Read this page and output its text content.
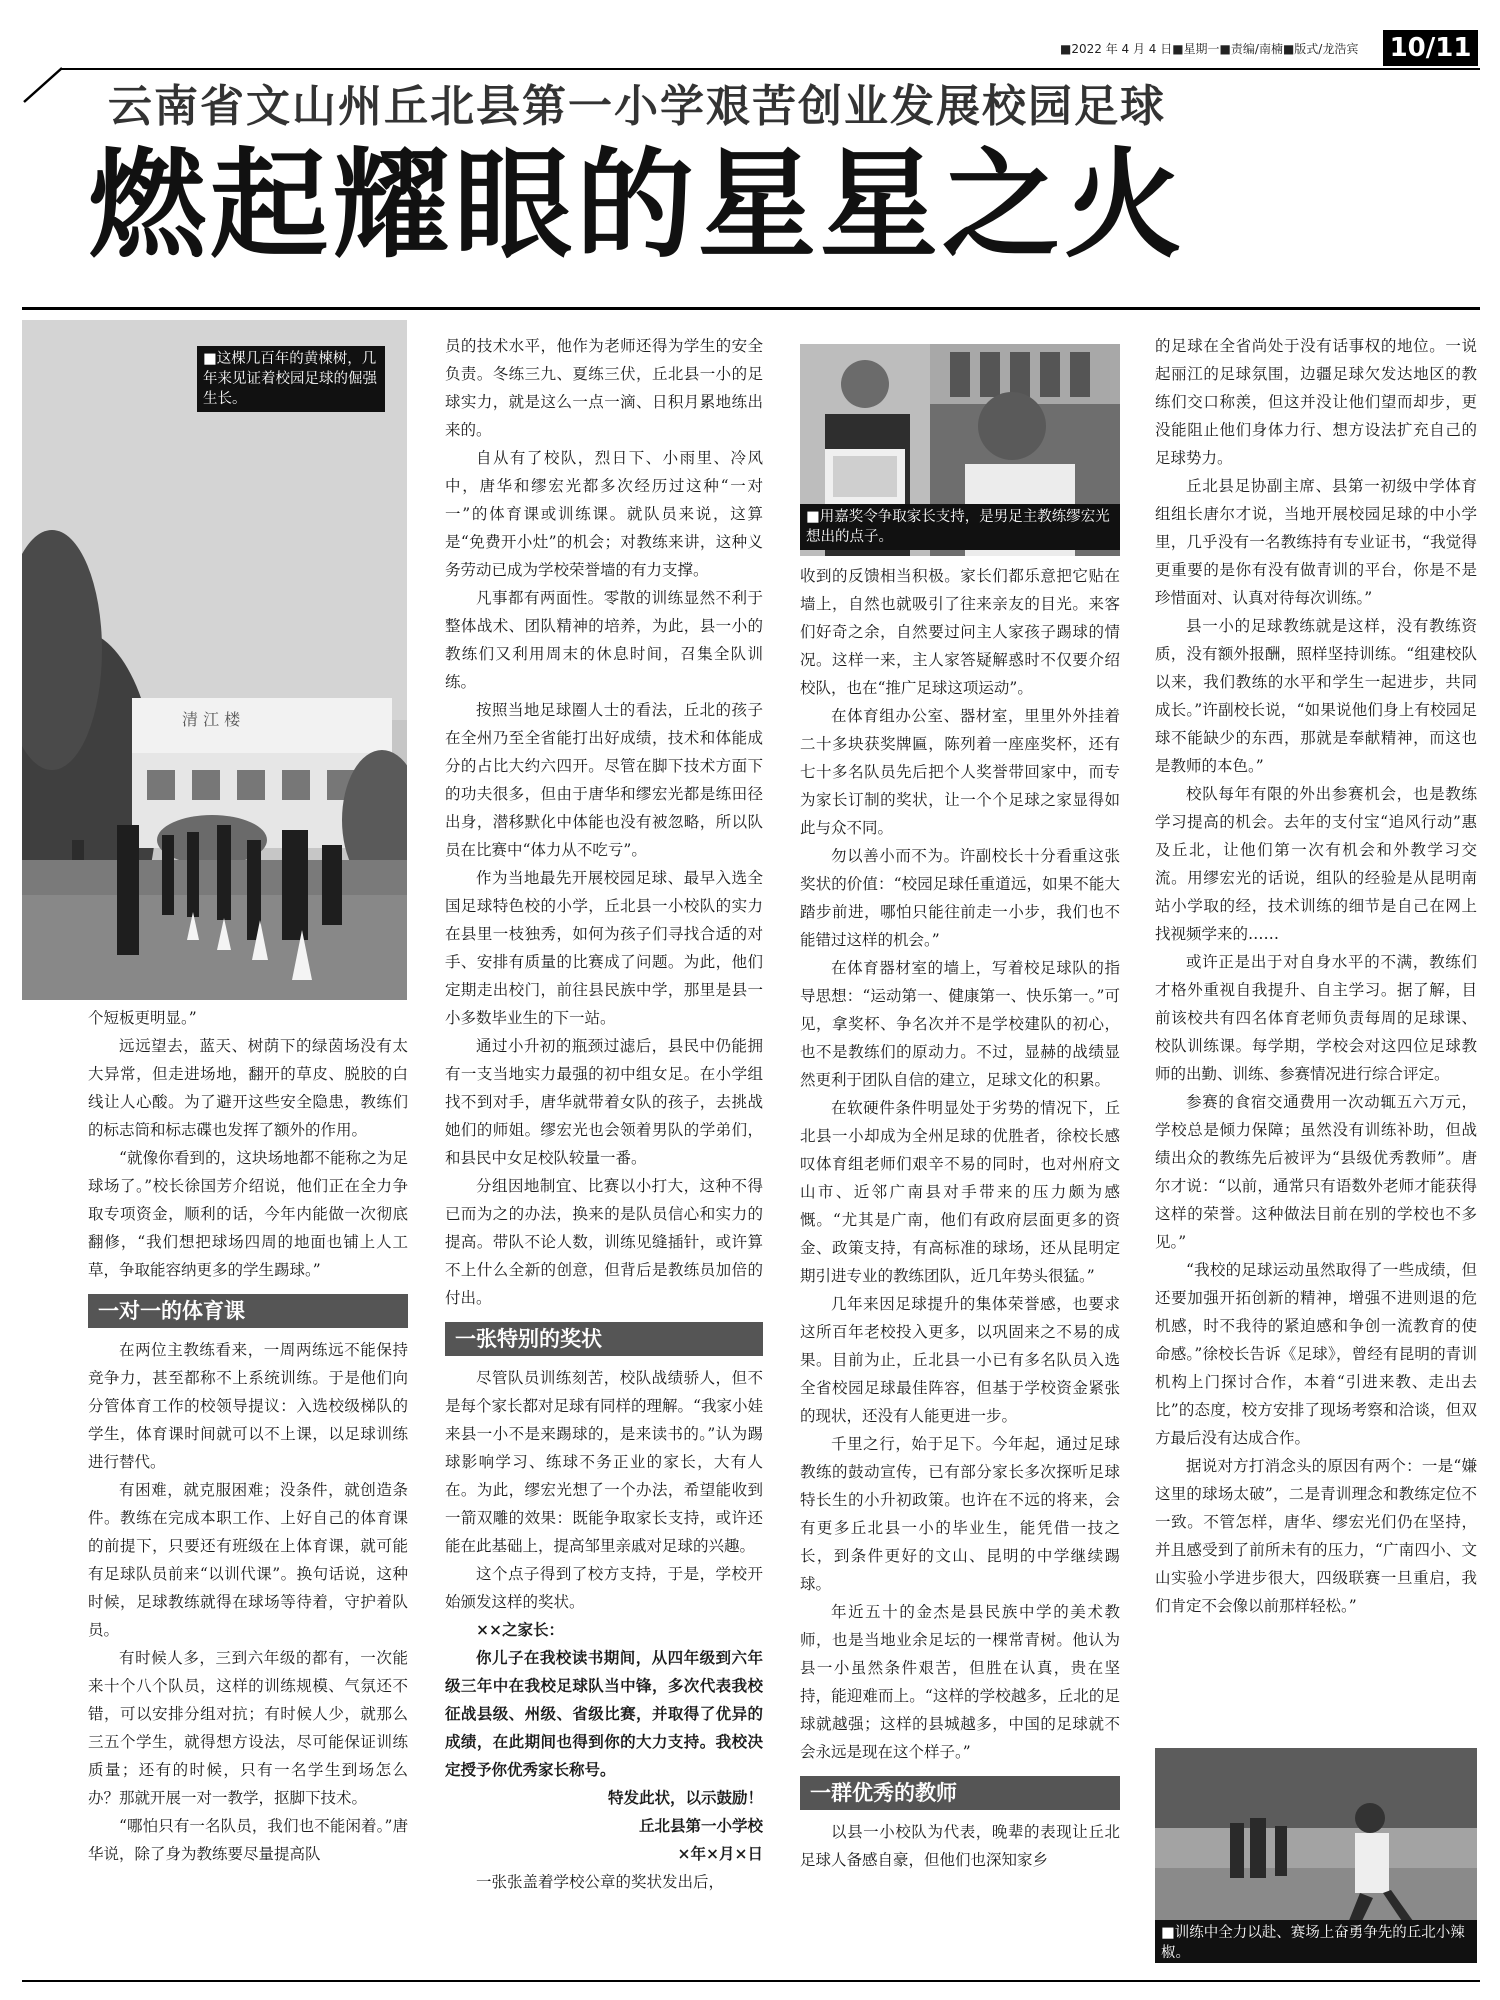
■2022 年 4 月 4 日■星期一■责编/南楠■版式/龙浩宾	10/11
云南省文山州丘北县第一小学艰苦创业发展校园足球
燃起耀眼的星星之火
清 江 楼
■这棵几百年的黄楝树，几年来见证着校园足球的倔强生长。

个短板更明显。”

远远望去，蓝天、树荫下的绿茵场没有太大异常，但走进场地，翻开的草皮、脱胶的白线让人心酸。为了避开这些安全隐患，教练们的标志筒和标志碟也发挥了额外的作用。

“就像你看到的，这块场地都不能称之为足球场了。”校长徐国芳介绍说，他们正在全力争取专项资金，顺利的话，今年内能做一次彻底翻修，“我们想把球场四周的地面也铺上人工草，争取能容纳更多的学生踢球。”

一对一的体育课

在两位主教练看来，一周两练远不能保持竞争力，甚至都称不上系统训练。于是他们向分管体育工作的校领导提议：入选校级梯队的学生，体育课时间就可以不上课，以足球训练进行替代。

有困难，就克服困难；没条件，就创造条件。教练在完成本职工作、上好自己的体育课的前提下，只要还有班级在上体育课，就可能有足球队员前来“以训代课”。换句话说，这种时候，足球教练就得在球场等待着，守护着队员。

有时候人多，三到六年级的都有，一次能来十个八个队员，这样的训练规模、气氛还不错，可以安排分组对抗；有时候人少，就那么三五个学生，就得想方设法，尽可能保证训练质量；还有的时候，只有一名学生到场怎么办？那就开展一对一教学，抠脚下技术。

“哪怕只有一名队员，我们也不能闲着。”唐华说，除了身为教练要尽量提高队

员的技术水平，他作为老师还得为学生的安全负责。冬练三九、夏练三伏，丘北县一小的足球实力，就是这么一点一滴、日积月累地练出来的。

自从有了校队，烈日下、小雨里、冷风中，唐华和缪宏光都多次经历过这种“一对一”的体育课或训练课。就队员来说，这算是“免费开小灶”的机会；对教练来讲，这种义务劳动已成为学校荣誉墙的有力支撑。

凡事都有两面性。零散的训练显然不利于整体战术、团队精神的培养，为此，县一小的教练们又利用周末的休息时间，召集全队训练。

按照当地足球圈人士的看法，丘北的孩子在全州乃至全省能打出好成绩，技术和体能成分的占比大约六四开。尽管在脚下技术方面下的功夫很多，但由于唐华和缪宏光都是练田径出身，潜移默化中体能也没有被忽略，所以队员在比赛中“体力从不吃亏”。

作为当地最先开展校园足球、最早入选全国足球特色校的小学，丘北县一小校队的实力在县里一枝独秀，如何为孩子们寻找合适的对手、安排有质量的比赛成了问题。为此，他们定期走出校门，前往县民族中学，那里是县一小多数毕业生的下一站。

通过小升初的瓶颈过滤后，县民中仍能拥有一支当地实力最强的初中组女足。在小学组找不到对手，唐华就带着女队的孩子，去挑战她们的师姐。缪宏光也会领着男队的学弟们，和县民中女足校队较量一番。

分组因地制宜、比赛以小打大，这种不得已而为之的办法，换来的是队员信心和实力的提高。带队不论人数，训练见缝插针，或许算不上什么全新的创意，但背后是教练员加倍的付出。

一张特别的奖状

尽管队员训练刻苦，校队战绩骄人，但不是每个家长都对足球有同样的理解。“我家小娃来县一小不是来踢球的，是来读书的。”认为踢球影响学习、练球不务正业的家长，大有人在。为此，缪宏光想了一个办法，希望能收到一箭双雕的效果：既能争取家长支持，或许还能在此基础上，提高邹里亲戚对足球的兴趣。

这个点子得到了校方支持，于是，学校开始颁发这样的奖状。

××之家长：

你儿子在我校读书期间，从四年级到六年级三年中在我校足球队当中锋，多次代表我校征战县级、州级、省级比赛，并取得了优异的成绩，在此期间也得到你的大力支持。我校决定授予你优秀家长称号。

特发此状，以示鼓励！

丘北县第一小学校

×年×月×日

一张张盖着学校公章的奖状发出后，

■用嘉奖令争取家长支持，是男足主教练缪宏光想出的点子。

收到的反馈相当积极。家长们都乐意把它贴在墙上，自然也就吸引了往来亲友的目光。来客们好奇之余，自然要过问主人家孩子踢球的情况。这样一来，主人家答疑解惑时不仅要介绍校队，也在“推广足球这项运动”。

在体育组办公室、器材室，里里外外挂着二十多块获奖牌匾，陈列着一座座奖杯，还有七十多名队员先后把个人奖誉带回家中，而专为家长订制的奖状，让一个个足球之家显得如此与众不同。

勿以善小而不为。许副校长十分看重这张奖状的价值：“校园足球任重道远，如果不能大踏步前进，哪怕只能往前走一小步，我们也不能错过这样的机会。”

在体育器材室的墙上，写着校足球队的指导思想：“运动第一、健康第一、快乐第一。”可见，拿奖杯、争名次并不是学校建队的初心，也不是教练们的原动力。不过，显赫的战绩显然更利于团队自信的建立，足球文化的积累。

在软硬件条件明显处于劣势的情况下，丘北县一小却成为全州足球的优胜者，徐校长感叹体育组老师们艰辛不易的同时，也对州府文山市、近邻广南县对手带来的压力颇为感慨。“尤其是广南，他们有政府层面更多的资金、政策支持，有高标准的球场，还从昆明定期引进专业的教练团队，近几年势头很猛。”

几年来因足球提升的集体荣誉感，也要求这所百年老校投入更多，以巩固来之不易的成果。目前为止，丘北县一小已有多名队员入选全省校园足球最佳阵容，但基于学校资金紧张的现状，还没有人能更进一步。

千里之行，始于足下。今年起，通过足球教练的鼓动宣传，已有部分家长多次探听足球特长生的小升初政策。也许在不远的将来，会有更多丘北县一小的毕业生，能凭借一技之长，到条件更好的文山、昆明的中学继续踢球。

年近五十的金杰是县民族中学的美术教师，也是当地业余足坛的一棵常青树。他认为县一小虽然条件艰苦，但胜在认真，贵在坚持，能迎难而上。“这样的学校越多，丘北的足球就越强；这样的县城越多，中国的足球就不会永远是现在这个样子。”

一群优秀的教师

以县一小校队为代表，晚辈的表现让丘北足球人备感自豪，但他们也深知家乡

的足球在全省尚处于没有话事权的地位。一说起丽江的足球氛围，边疆足球欠发达地区的教练们交口称羡，但这并没让他们望而却步，更没能阻止他们身体力行、想方设法扩充自己的足球势力。

丘北县足协副主席、县第一初级中学体育组组长唐尔才说，当地开展校园足球的中小学里，几乎没有一名教练持有专业证书，“我觉得更重要的是你有没有做青训的平台，你是不是珍惜面对、认真对待每次训练。”

县一小的足球教练就是这样，没有教练资质，没有额外报酬，照样坚持训练。“组建校队以来，我们教练的水平和学生一起进步，共同成长。”许副校长说，“如果说他们身上有校园足球不能缺少的东西，那就是奉献精神，而这也是教师的本色。”

校队每年有限的外出参赛机会，也是教练学习提高的机会。去年的支付宝“追风行动”惠及丘北，让他们第一次有机会和外教学习交流。用缪宏光的话说，组队的经验是从昆明南站小学取的经，技术训练的细节是自己在网上找视频学来的……

或许正是出于对自身水平的不满，教练们才格外重视自我提升、自主学习。据了解，目前该校共有四名体育老师负责每周的足球课、校队训练课。每学期，学校会对这四位足球教师的出勤、训练、参赛情况进行综合评定。

参赛的食宿交通费用一次动辄五六万元，学校总是倾力保障；虽然没有训练补助，但战绩出众的教练先后被评为“县级优秀教师”。唐尔才说：“以前，通常只有语数外老师才能获得这样的荣誉。这种做法目前在别的学校也不多见。”

“我校的足球运动虽然取得了一些成绩，但还要加强开拓创新的精神，增强不进则退的危机感，时不我待的紧迫感和争创一流教育的使命感。”徐校长告诉《足球》，曾经有昆明的青训机构上门探讨合作，本着“引进来教、走出去比”的态度，校方安排了现场考察和洽谈，但双方最后没有达成合作。

据说对方打消念头的原因有两个：一是“嫌这里的球场太破”，二是青训理念和教练定位不一致。不管怎样，唐华、缪宏光们仍在坚持，并且感受到了前所未有的压力，“广南四小、文山实验小学进步很大，四级联赛一旦重启，我们肯定不会像以前那样轻松。”

■训练中全力以赴、赛场上奋勇争先的丘北小辣椒。
